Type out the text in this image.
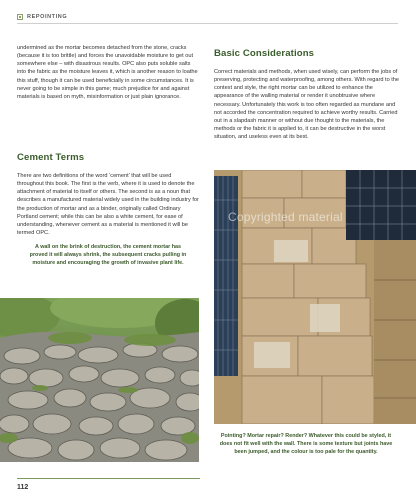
REPOINTING

undermined as the mortar becomes detached from the stone, cracks (because it is too brittle) and forces the unavoidable moisture to get out somewhere else – with disastrous results. OPC also puts soluble salts into the fabric as the moisture leaves it, which is another reason to loathe this stuff, though it can be used beneficially in some circumstances. It is never going to be simple in this game; much prejudice for and against materials is based on myth, misinformation or just plain ignorance.

Cement Terms

There are two definitions of the word ‘cement’ that will be used throughout this book. The first is the verb, where it is used to denote the attachment of material to itself or others. The second is as a noun that describes a manufactured material widely used in the building industry for the production of mortar and as a binder, originally called Ordinary Portland cement; while this can be also a white cement, for ease of understanding, whenever cement as a material is mentioned it will be termed OPC.

A wall on the brink of destruction, the cement mortar has proved it will always shrink, the subsequent cracks pulling in moisture and encouraging the growth of invasive plant life.
Basic Considerations

Correct materials and methods, when used wisely, can perform the jobs of preserving, protecting and waterproofing, among others. With regard to the context and style, the right mortar can be utilized to enhance the appearance of the walling material or render it unobtrusive where necessary. Unfortunately this work is too often regarded as mundane and not accorded the concentration required to achieve worthy results. Carried out in a slapdash manner or without due thought to the materials, the methods or the fabric it is applied to, it can be destructive in the worst situation, and useless even at its best.

Copyrighted material
Pointing? Mortar repair? Render? Whatever this could be styled, it does not fit well with the wall. There is some texture but joints have been jumped, and the colour is too pale for the quantity.
112
